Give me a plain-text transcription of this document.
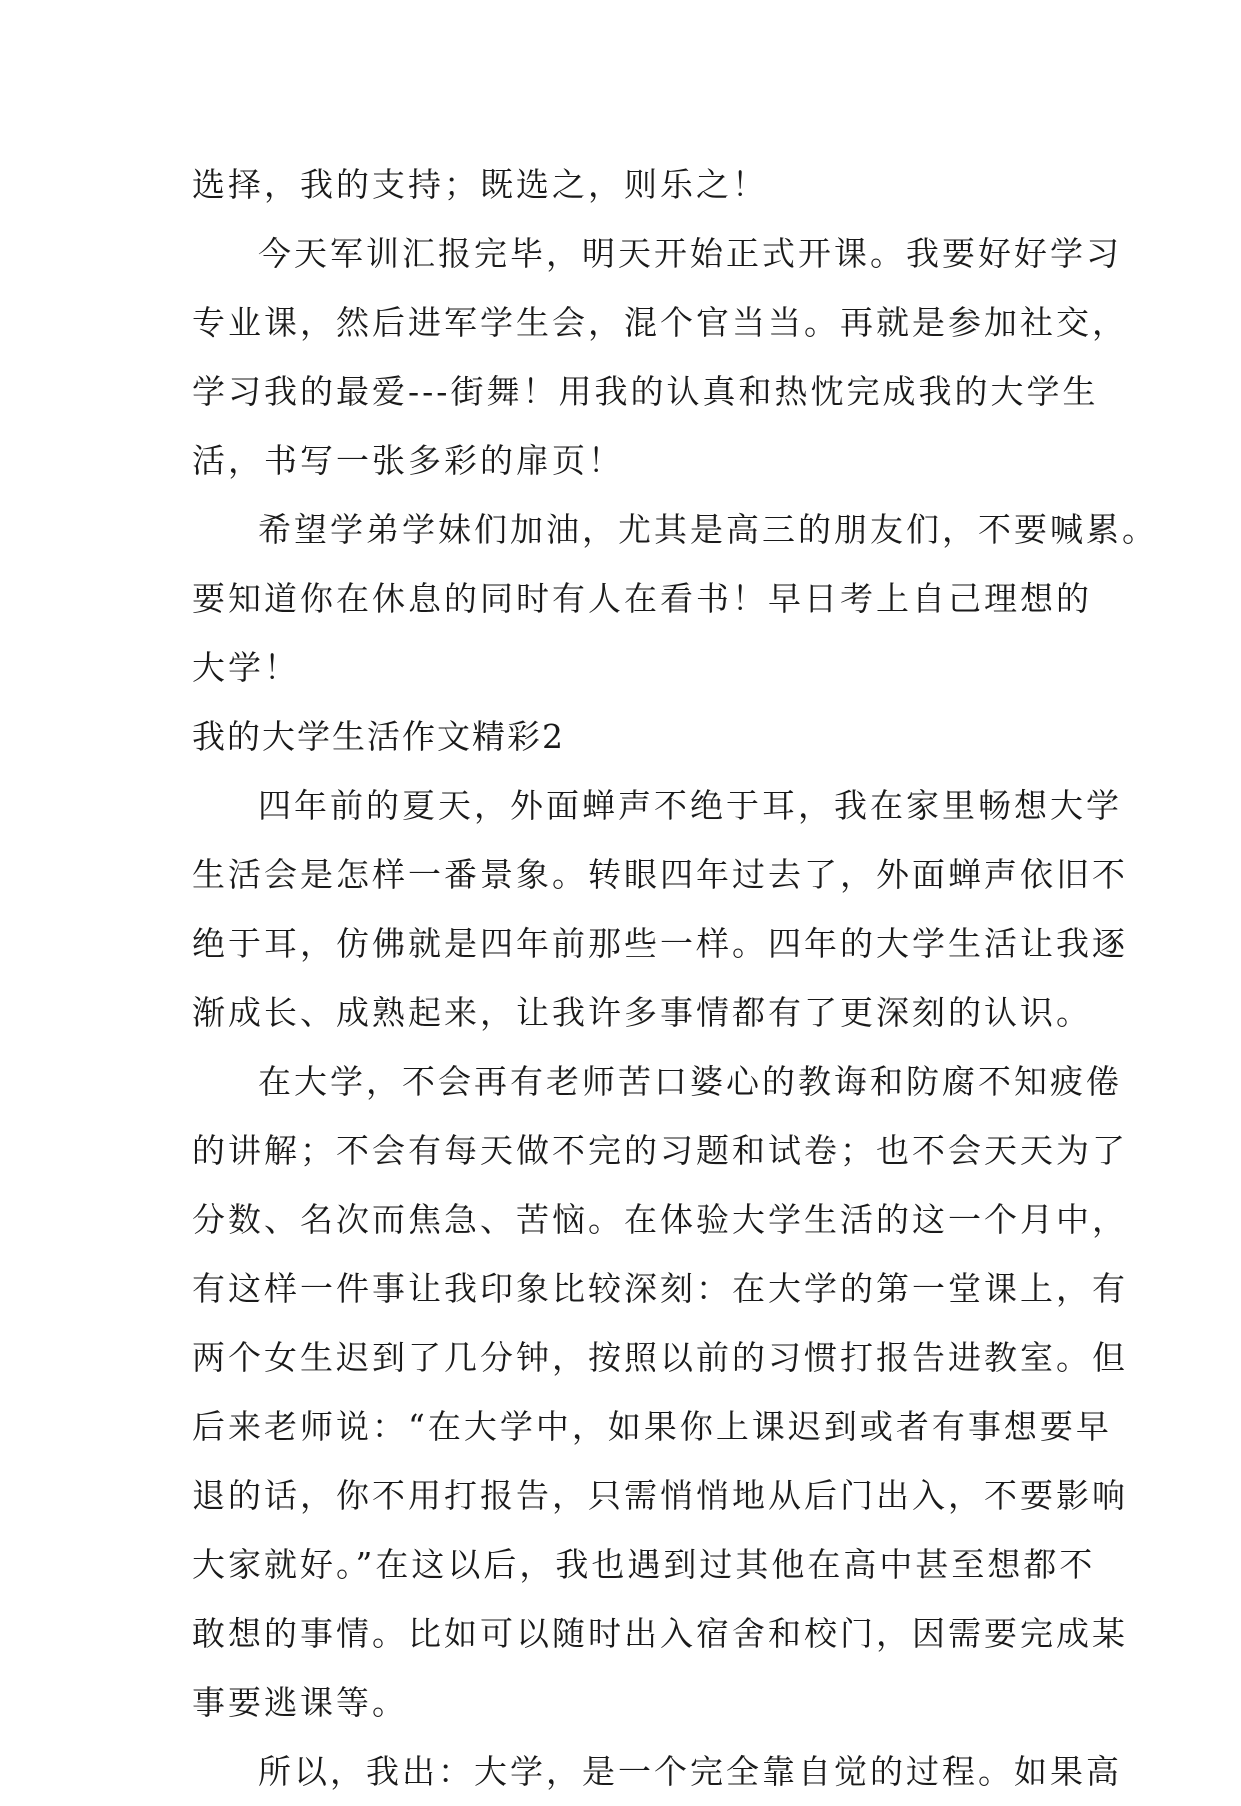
选择，我的支持；既选之，则乐之！
今天军训汇报完毕，明天开始正式开课。我要好好学习
专业课，然后进军学生会，混个官当当。再就是参加社交，
学习我的最爱---街舞！用我的认真和热忱完成我的大学生
活，书写一张多彩的扉页！
希望学弟学妹们加油，尤其是高三的朋友们，不要喊累。
要知道你在休息的同时有人在看书！早日考上自己理想的
大学！
我的大学生活作文精彩2
四年前的夏天，外面蝉声不绝于耳，我在家里畅想大学
生活会是怎样一番景象。转眼四年过去了，外面蝉声依旧不
绝于耳，仿佛就是四年前那些一样。四年的大学生活让我逐
渐成长、成熟起来，让我许多事情都有了更深刻的认识。
在大学，不会再有老师苦口婆心的教诲和防腐不知疲倦
的讲解；不会有每天做不完的习题和试卷；也不会天天为了
分数、名次而焦急、苦恼。在体验大学生活的这一个月中，
有这样一件事让我印象比较深刻：在大学的第一堂课上，有
两个女生迟到了几分钟，按照以前的习惯打报告进教室。但
后来老师说：“在大学中，如果你上课迟到或者有事想要早
退的话，你不用打报告，只需悄悄地从后门出入，不要影响
大家就好。”在这以后，我也遇到过其他在高中甚至想都不
敢想的事情。比如可以随时出入宿舍和校门，因需要完成某
事要逃课等。
所以，我出：大学，是一个完全靠自觉的过程。如果高
